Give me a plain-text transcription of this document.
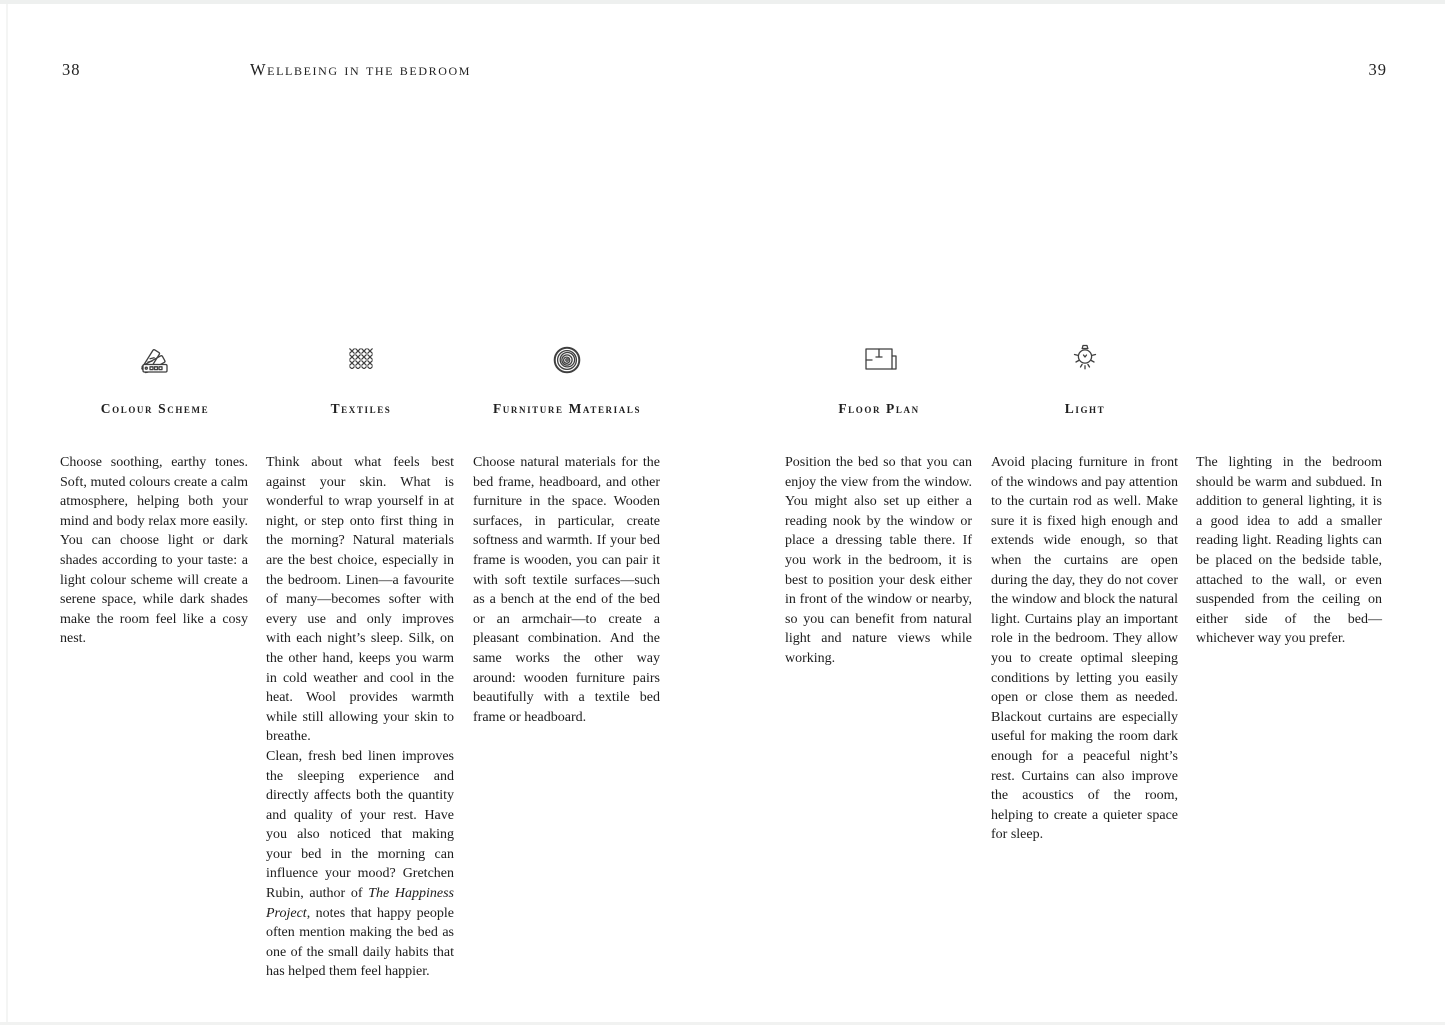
38	Wellbeing in the bedroom	39
Colour Scheme	Textiles	Furniture Materials	Floor Plan	Light

Choose soothing, earthy tones. Soft, muted colours create a calm atmosphere, helping both your mind and body relax more easily. You can choose light or dark shades according to your taste: a light colour scheme will create a serene space, while dark shades make the room feel like a cosy nest.

Think about what feels best against your skin. What is wonderful to wrap yourself in at night, or step onto first thing in the morning? Natural materials are the best choice, especially in the bedroom. Linen—a favourite of many—becomes softer with every use and only improves with each night’s sleep. Silk, on the other hand, keeps you warm in cold weather and cool in the heat. Wool provides warmth while still allowing your skin to breathe.

Clean, fresh bed linen improves the sleeping experience and directly affects both the quantity and quality of your rest. Have you also noticed that making your bed in the morning can influence your mood? Gretchen Rubin, author of The Happiness Project, notes that happy people often mention making the bed as one of the small daily habits that has helped them feel happier.

Choose natural materials for the bed frame, headboard, and other furniture in the space. Wooden surfaces, in particular, create softness and warmth. If your bed frame is wooden, you can pair it with soft textile surfaces—such as a bench at the end of the bed or an armchair—to create a pleasant combination. And the same works the other way around: wooden furniture pairs beautifully with a textile bed frame or headboard.

Position the bed so that you can enjoy the view from the window. You might also set up either a reading nook by the window or place a dressing table there. If you work in the bedroom, it is best to position your desk either in front of the window or nearby, so you can benefit from natural light and nature views while working.

Avoid placing furniture in front of the windows and pay attention to the curtain rod as well. Make sure it is fixed high enough and extends wide enough, so that when the curtains are open during the day, they do not cover the window and block the natural light. Curtains play an important role in the bedroom. They allow you to create optimal sleeping conditions by letting you easily open or close them as needed. Blackout curtains are especially useful for making the room dark enough for a peaceful night’s rest. Curtains can also improve the acoustics of the room, helping to create a quieter space for sleep.

The lighting in the bedroom should be warm and subdued. In addition to general lighting, it is a good idea to add a smaller reading light. Reading lights can be placed on the bedside table, attached to the wall, or even suspended from the ceiling on either side of the bed—whichever way you prefer.
